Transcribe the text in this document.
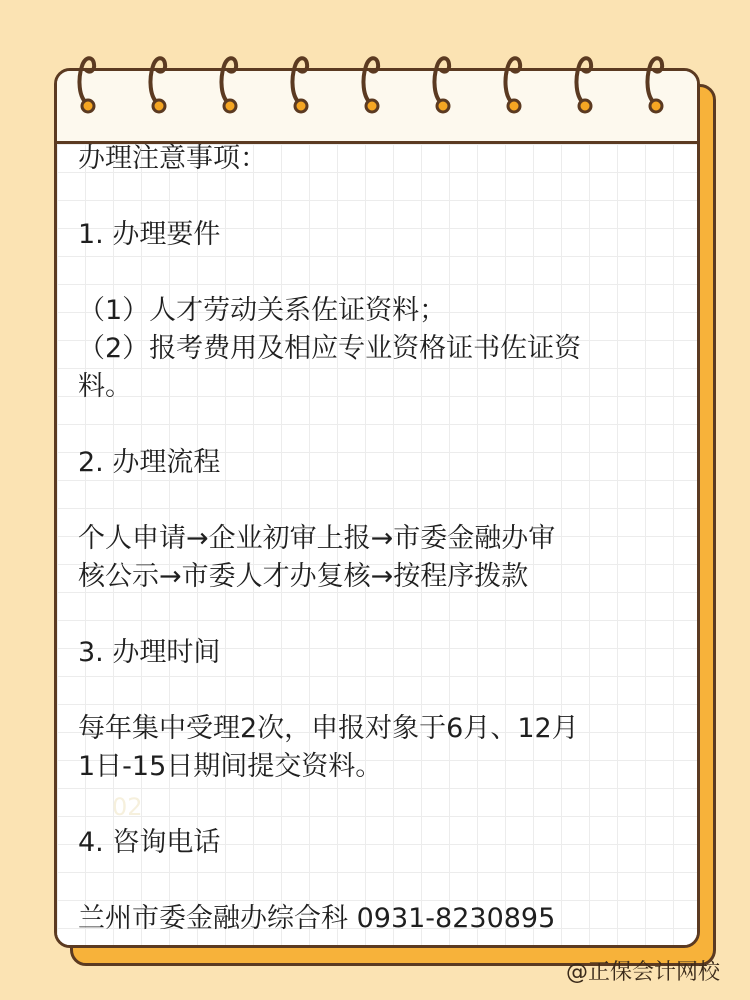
02
办理注意事项：
1. 办理要件
（1）人才劳动关系佐证资料；
（2）报考费用及相应专业资格证书佐证资
料。
2. 办理流程
个人申请→企业初审上报→市委金融办审
核公示→市委人才办复核→按程序拨款
3. 办理时间
每年集中受理2次，申报对象于6月、12月
1日-15日期间提交资料。
4. 咨询电话
兰州市委金融办综合科 0931-8230895
@正保会计网校
